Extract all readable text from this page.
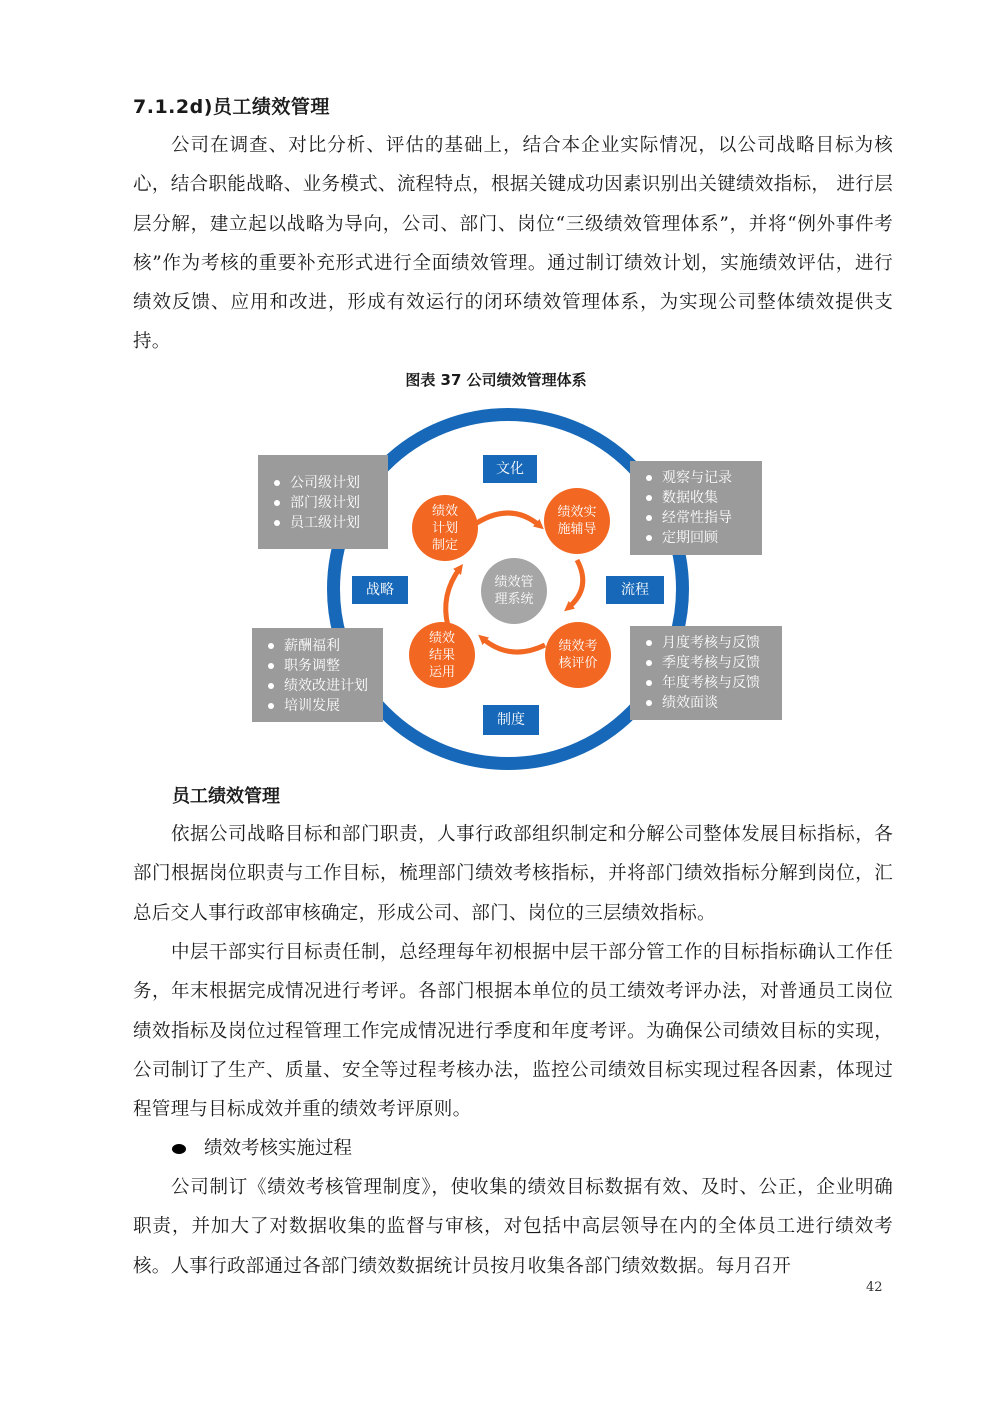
7.1.2d)员工绩效管理

公司在调查、对比分析、评估的基础上，结合本企业实际情况，以公司战略目标为核心，结合职能战略、业务模式、流程特点，根据关键成功因素识别出关键绩效指标， 进行层层分解，建立起以战略为导向，公司、部门、岗位“三级绩效管理体系”，并将“例外事件考核”作为考核的重要补充形式进行全面绩效管理。通过制订绩效计划，实施绩效评估，进行绩效反馈、应用和改进，形成有效运行的闭环绩效管理体系，为实现公司整体绩效提供支持。

图表 37 公司绩效管理体系
公司级计划
部门级计划
员工级计划
观察与记录
数据收集
经常性指导
定期回顾
薪酬福利
职务调整
绩效改进计划
培训发展
月度考核与反馈
季度考核与反馈
年度考核与反馈
绩效面谈
文化
战略	流程
制度
绩效计划制定
绩效实施辅导
绩效考核评价
绩效结果运用
绩效管理系统
员工绩效管理

依据公司战略目标和部门职责，人事行政部组织制定和分解公司整体发展目标指标，各部门根据岗位职责与工作目标，梳理部门绩效考核指标，并将部门绩效指标分解到岗位，汇总后交人事行政部审核确定，形成公司、部门、岗位的三层绩效指标。

中层干部实行目标责任制，总经理每年初根据中层干部分管工作的目标指标确认工作任务，年末根据完成情况进行考评。各部门根据本单位的员工绩效考评办法，对普通员工岗位绩效指标及岗位过程管理工作完成情况进行季度和年度考评。为确保公司绩效目标的实现，公司制订了生产、质量、安全等过程考核办法，监控公司绩效目标实现过程各因素，体现过程管理与目标成效并重的绩效考评原则。

绩效考核实施过程

公司制订《绩效考核管理制度》，使收集的绩效目标数据有效、及时、公正，企业明确职责，并加大了对数据收集的监督与审核，对包括中高层领导在内的全体员工进行绩效考核。人事行政部通过各部门绩效数据统计员按月收集各部门绩效数据。每月召开

42
